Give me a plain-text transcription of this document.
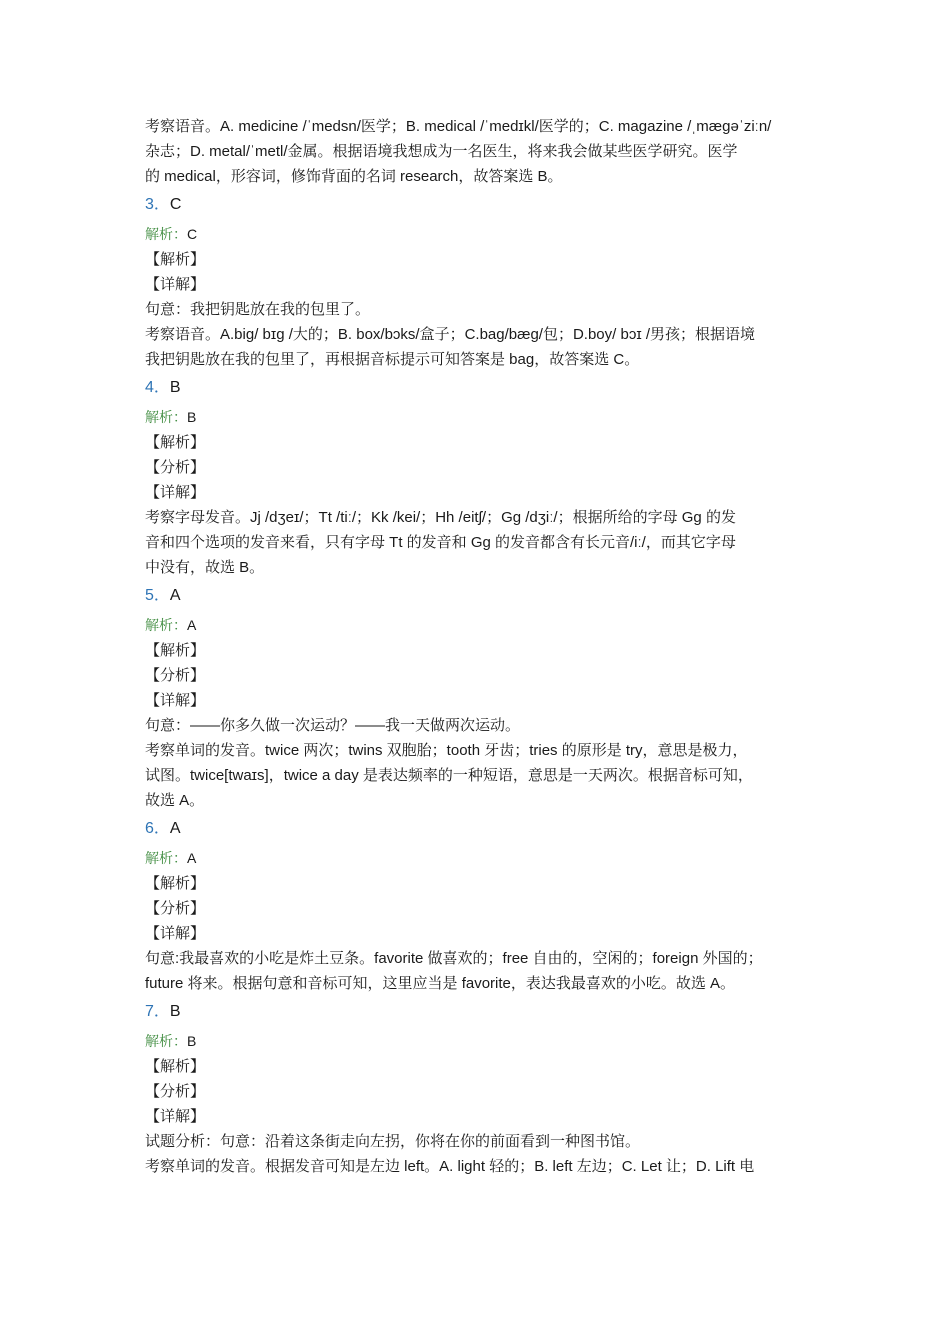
考察语音。A. medicine /ˈmedsn/医学；B. medical /ˈmedɪkl/医学的；C. magazine /ˌmægəˈziːn/
杂志；D. metal/ˈmetl/金属。根据语境我想成为一名医生，将来我会做某些医学研究。医学
的 medical，形容词，修饰背面的名词 research，故答案选 B。
3．C
解析：C
【解析】
【详解】
句意：我把钥匙放在我的包里了。
考察语音。A.big/ bɪg /大的；B. box/bɔks/盒子；C.bag/bæg/包；D.boy/ bɔɪ /男孩；根据语境
我把钥匙放在我的包里了，再根据音标提示可知答案是 bag，故答案选 C。
4．B
解析：B
【解析】
【分析】
【详解】
考察字母发音。Jj /dʒeɪ/；Tt /tiː/；Kk /kei/；Hh /eitʃ/；Gg /dʒiː/；根据所给的字母 Gg 的发
音和四个选项的发音来看，只有字母 Tt 的发音和 Gg 的发音都含有长元音/iː/，而其它字母
中没有，故选 B。
5．A
解析：A
【解析】
【分析】
【详解】
句意：——你多久做一次运动？——我一天做两次运动。
考察单词的发音。twice 两次；twins 双胞胎；tooth 牙齿；tries 的原形是 try，意思是极力，
试图。twice[twaɪs]，twice a day 是表达频率的一种短语，意思是一天两次。根据音标可知，
故选 A。
6．A
解析：A
【解析】
【分析】
【详解】
句意:我最喜欢的小吃是炸土豆条。favorite 做喜欢的；free 自由的，空闲的；foreign 外国的；
future 将来。根据句意和音标可知，这里应当是 favorite，表达我最喜欢的小吃。故选 A。
7．B
解析：B
【解析】
【分析】
【详解】
试题分析：句意：沿着这条街走向左拐，你将在你的前面看到一种图书馆。
考察单词的发音。根据发音可知是左边 left。A. light 轻的；B. left 左边；C. Let 让；D. Lift 电
